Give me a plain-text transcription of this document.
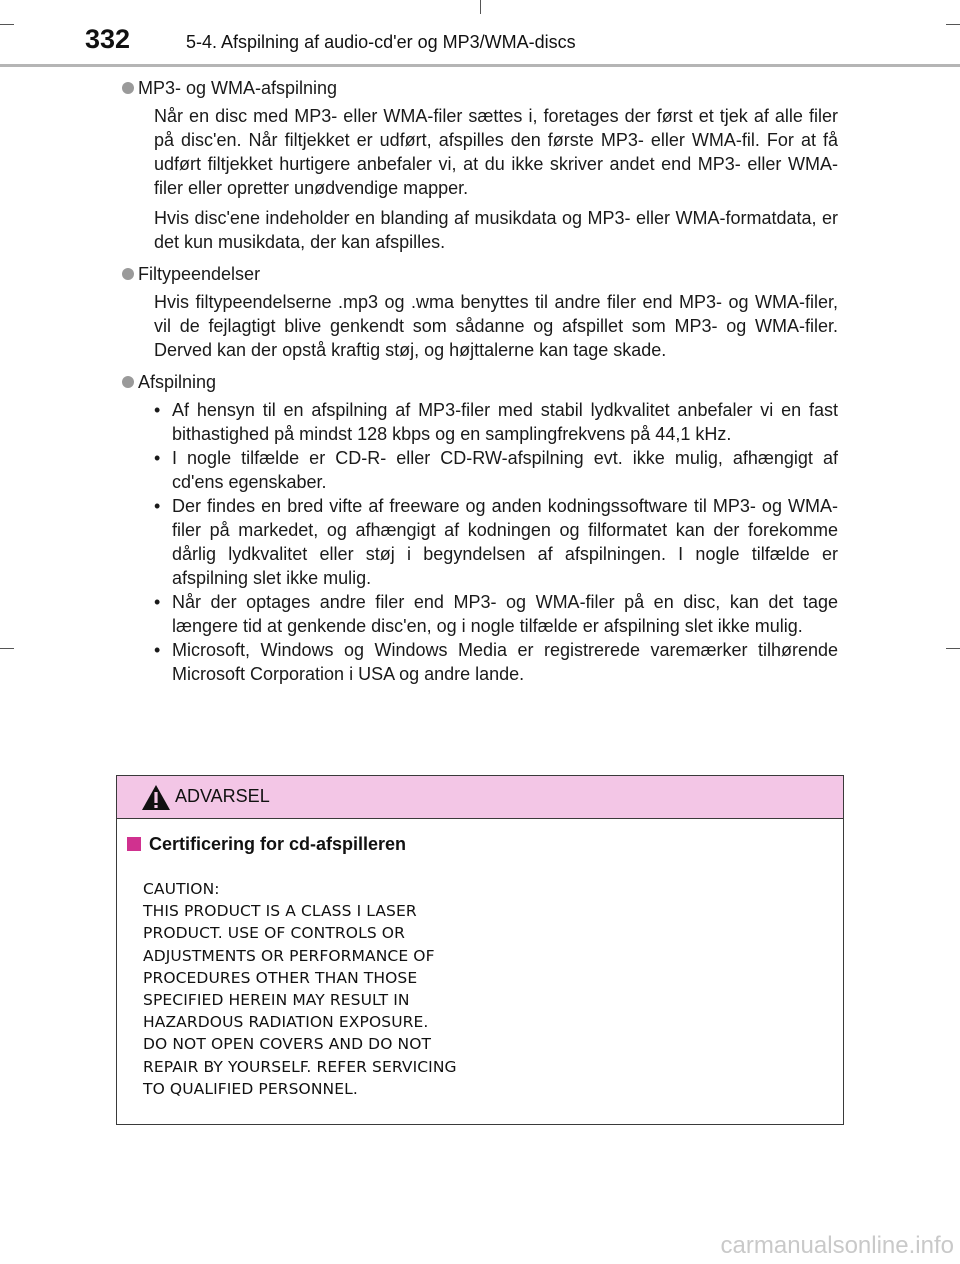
332	5-4. Afspilning af audio-cd'er og MP3/WMA-discs
MP3- og WMA-afspilning

Når en disc med MP3- eller WMA-filer sættes i, foretages der først et tjek af alle filer på disc'en. Når filtjekket er udført, afspilles den første MP3- eller WMA-fil. For at få udført filtjekket hurtigere anbefaler vi, at du ikke skriver andet end MP3- eller WMA-filer eller opretter unødvendige mapper.

Hvis disc'ene indeholder en blanding af musikdata og MP3- eller WMA-formatdata, er det kun musikdata, der kan afspilles.

Filtypeendelser

Hvis filtypeendelserne .mp3 og .wma benyttes til andre filer end MP3- og WMA-filer, vil de fejlagtigt blive genkendt som sådanne og afspillet som MP3- og WMA-filer. Derved kan der opstå kraftig støj, og højttalerne kan tage skade.

Afspilning
• Af hensyn til en afspilning af MP3-filer med stabil lydkvalitet anbefaler vi en fast bithastighed på mindst 128 kbps og en samplingfrekvens på 44,1 kHz.
• I nogle tilfælde er CD-R- eller CD-RW-afspilning evt. ikke mulig, afhængigt af cd'ens egenskaber.
• Der findes en bred vifte af freeware og anden kodningssoftware til MP3- og WMA-filer på markedet, og afhængigt af kodningen og filformatet kan der forekomme dårlig lydkvalitet eller støj i begyndelsen af afspilningen. I nogle tilfælde er afspilning slet ikke mulig.
• Når der optages andre filer end MP3- og WMA-filer på en disc, kan det tage længere tid at genkende disc'en, og i nogle tilfælde er afspilning slet ikke mulig.
• Microsoft, Windows og Windows Media er registrerede varemærker tilhørende Microsoft Corporation i USA og andre lande.
ADVARSEL
Certificering for cd-afspilleren
CAUTION:
THIS PRODUCT IS A CLASS I LASER
PRODUCT. USE OF CONTROLS OR
ADJUSTMENTS OR PERFORMANCE OF
PROCEDURES OTHER THAN THOSE
SPECIFIED HEREIN MAY RESULT IN
HAZARDOUS RADIATION EXPOSURE.
DO NOT OPEN COVERS AND DO NOT
REPAIR BY YOURSELF. REFER SERVICING
TO QUALIFIED PERSONNEL.
carmanualsonline.info
